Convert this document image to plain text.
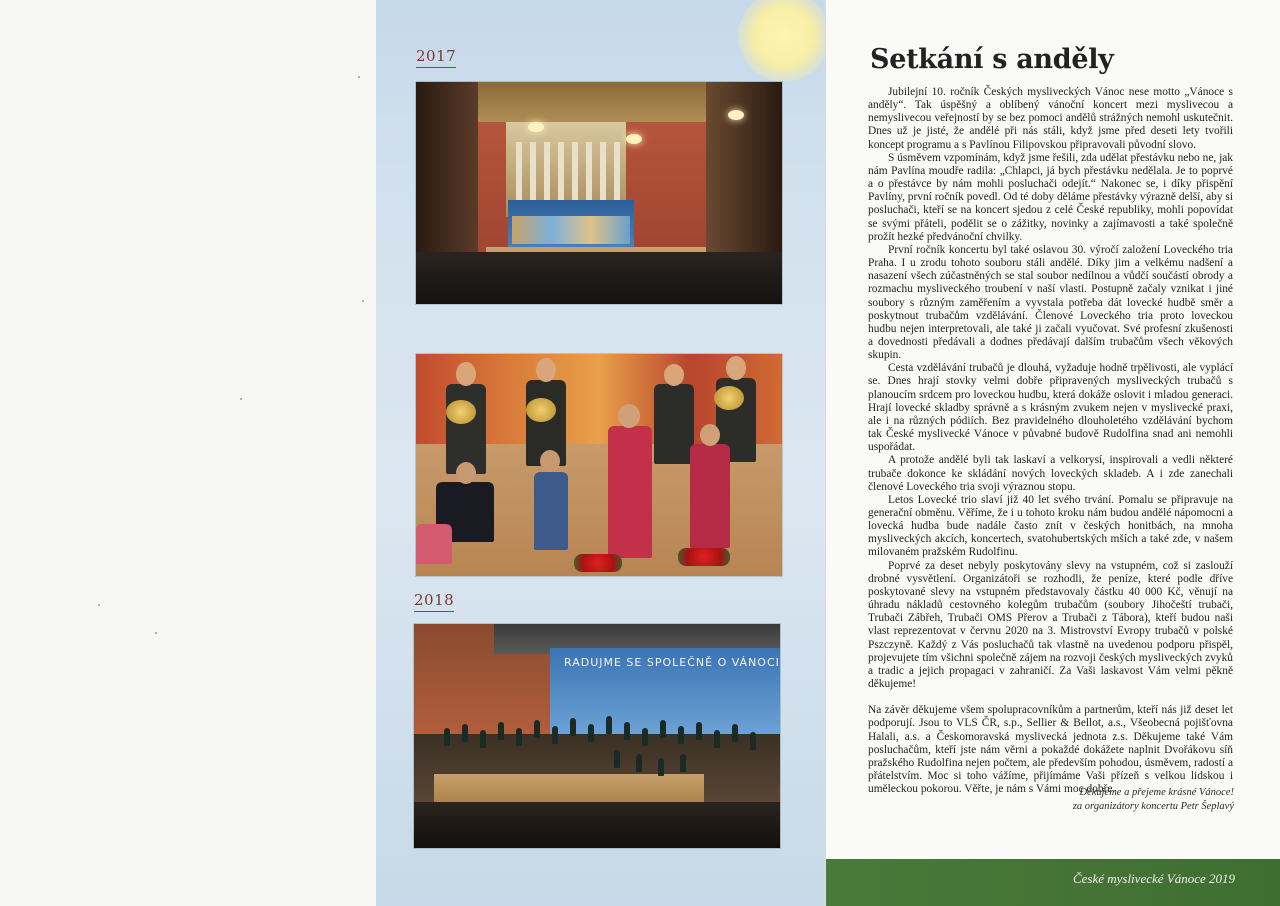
2017
2018
RADUJME SE SPOLEČNĚ O VÁNOCI
Setkání s anděly

Jubilejní 10. ročník Českých mysliveckých Vánoc nese motto „Vánoce s anděly“. Tak úspěšný a oblíbený vánoční koncert mezi myslivecou a nemyslivecou veřejností by se bez pomoci andělů strážných nemohl uskutečnit. Dnes už je jisté, že andělé při nás stáli, když jsme před deseti lety tvořili koncept programu a s Pavlínou Filipovskou připravovali původní slovo.

S úsměvem vzpomínám, když jsme řešili, zda udělat přestávku nebo ne, jak nám Pavlína moudře radila: „Chlapci, já bych přestávku nedělala. Je to poprvé a o přestávce by nám mohli posluchači odejít.“ Nakonec se, i díky přispění Pavlíny, první ročník povedl. Od té doby děláme přestávky výrazně delší, aby si posluchači, kteří se na koncert sjedou z celé České republiky, mohli popovídat se svými přáteli, podělit se o zážitky, novinky a zajímavosti a také společně prožít hezké předvánoční chvilky.

První ročník koncertu byl také oslavou 30. výročí založení Loveckého tria Praha. I u zrodu tohoto souboru stáli andělé. Díky jim a velkému nadšení a nasazení všech zúčastněných se stal soubor nedílnou a vůdčí součástí obrody a rozmachu mysliveckého troubení v naší vlasti. Postupně začaly vznikat i jiné soubory s různým zaměřením a vyvstala potřeba dát lovecké hudbě směr a poskytnout trubačům vzdělávání. Členové Loveckého tria proto loveckou hudbu nejen interpretovali, ale také ji začali vyučovat. Své profesní zkušenosti a dovednosti předávali a dodnes předávají dalším trubačům všech věkových skupin.

Cesta vzdělávání trubačů je dlouhá, vyžaduje hodně trpělivosti, ale vyplácí se. Dnes hrají stovky velmi dobře připravených mysliveckých trubačů s planoucím srdcem pro loveckou hudbu, která dokáže oslovit i mladou generaci. Hrají lovecké skladby správně a s krásným zvukem nejen v myslivecké praxi, ale i na různých pódiích. Bez pravidelného dlouholetého vzdělávání bychom tak České myslivecké Vánoce v půvabné budově Rudolfina snad ani nemohli uspořádat.

A protože andělé byli tak laskaví a velkorysí, inspirovali a vedli některé trubače dokonce ke skládání nových loveckých skladeb. A i zde zanechali členové Loveckého tria svoji výraznou stopu.

Letos Lovecké trio slaví již 40 let svého trvání. Pomalu se připravuje na generační obměnu. Věříme, že i u tohoto kroku nám budou andělé nápomocni a lovecká hudba bude nadále často znít v českých honitbách, na mnoha mysliveckých akcích, koncertech, svatohubertských mších a také zde, v našem milovaném pražském Rudolfinu.

Poprvé za deset nebyly poskytovány slevy na vstupném, což si zaslouží drobné vysvětlení. Organizátoři se rozhodli, že peníze, které podle dříve poskytované slevy na vstupném představovaly částku 40 000 Kč, věnují na úhradu nákladů cestovného kolegům trubačům (soubory Jihočeští trubači, Trubači Zábřeh, Trubači OMS Přerov a Trubači z Tábora), kteří budou naši vlast reprezentovat v červnu 2020 na 3. Mistrovství Evropy trubačů v polské Pszczyně. Každý z Vás posluchačů tak vlastně na uvedenou podporu přispěl, projevujete tím všichni společně zájem na rozvoji českých mysliveckých zvyků a tradic a jejich propagaci v zahraničí. Za Vaši laskavost Vám velmi pěkně děkujeme!

Na závěr děkujeme všem spolupracovníkům a partnerům, kteří nás již deset let podporují. Jsou to VLS ČR, s.p., Sellier & Bellot, a.s., Všeobecná pojišťovna Halali, a.s. a Českomoravská myslivecká jednota z.s. Děkujeme také Vám posluchačům, kteří jste nám věrni a pokaždé dokážete naplnit Dvořákovu síň pražského Rudolfina nejen počtem, ale především pohodou, úsměvem, radostí a přátelstvím. Moc si toho vážíme, přijímáme Vaši přízeň s velkou lidskou i uměleckou pokorou. Věřte, je nám s Vámi moc dobře.

Děkujeme a přejeme krásné Vánoce!
za organizátory koncertu Petr Šeplavý
České myslivecké Vánoce 2019
